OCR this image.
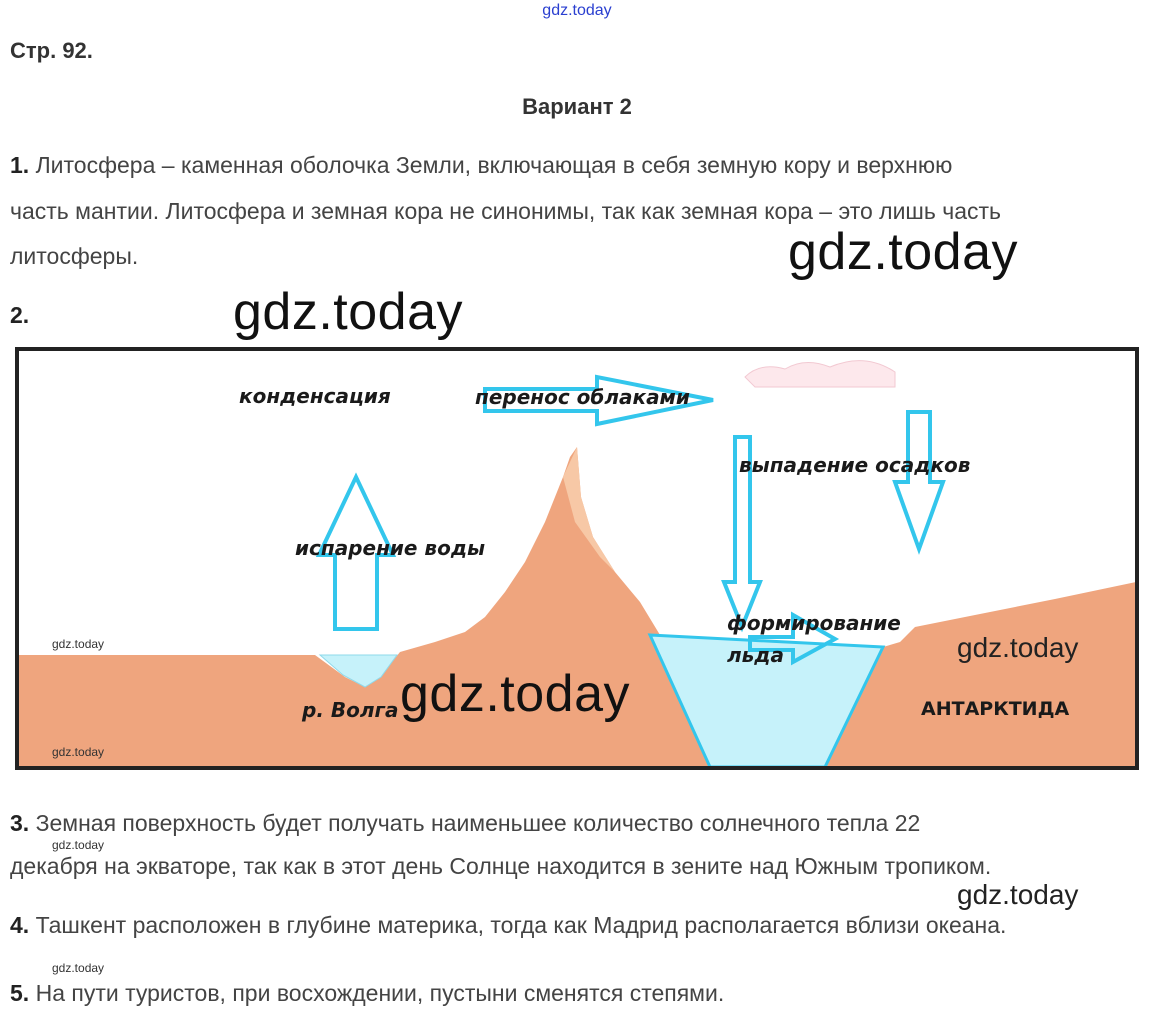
gdz.today
Стр. 92.
Вариант 2
1. Литосфера – каменная оболочка Земли, включающая в себя земную кору и верхнюю
часть мантии. Литосфера и земная кора не синонимы, так как земная кора – это лишь часть
литосферы.	gdz.today
gdz.today
2.
конденсация	перенос облаками
выпадение осадков
испарение воды
формирование
льда
р. Волга	АНТАРКТИДА
gdz.today
gdz.today
gdz.today
gdz.today
3. Земная поверхность будет получать наименьшее количество солнечного тепла 22
gdz.today
декабря на экваторе, так как в этот день Солнце находится в зените над Южным тропиком.
gdz.today
4. Ташкент расположен в глубине материка, тогда как Мадрид располагается вблизи океана.
gdz.today
5. На пути туристов, при восхождении, пустыни сменятся степями.
